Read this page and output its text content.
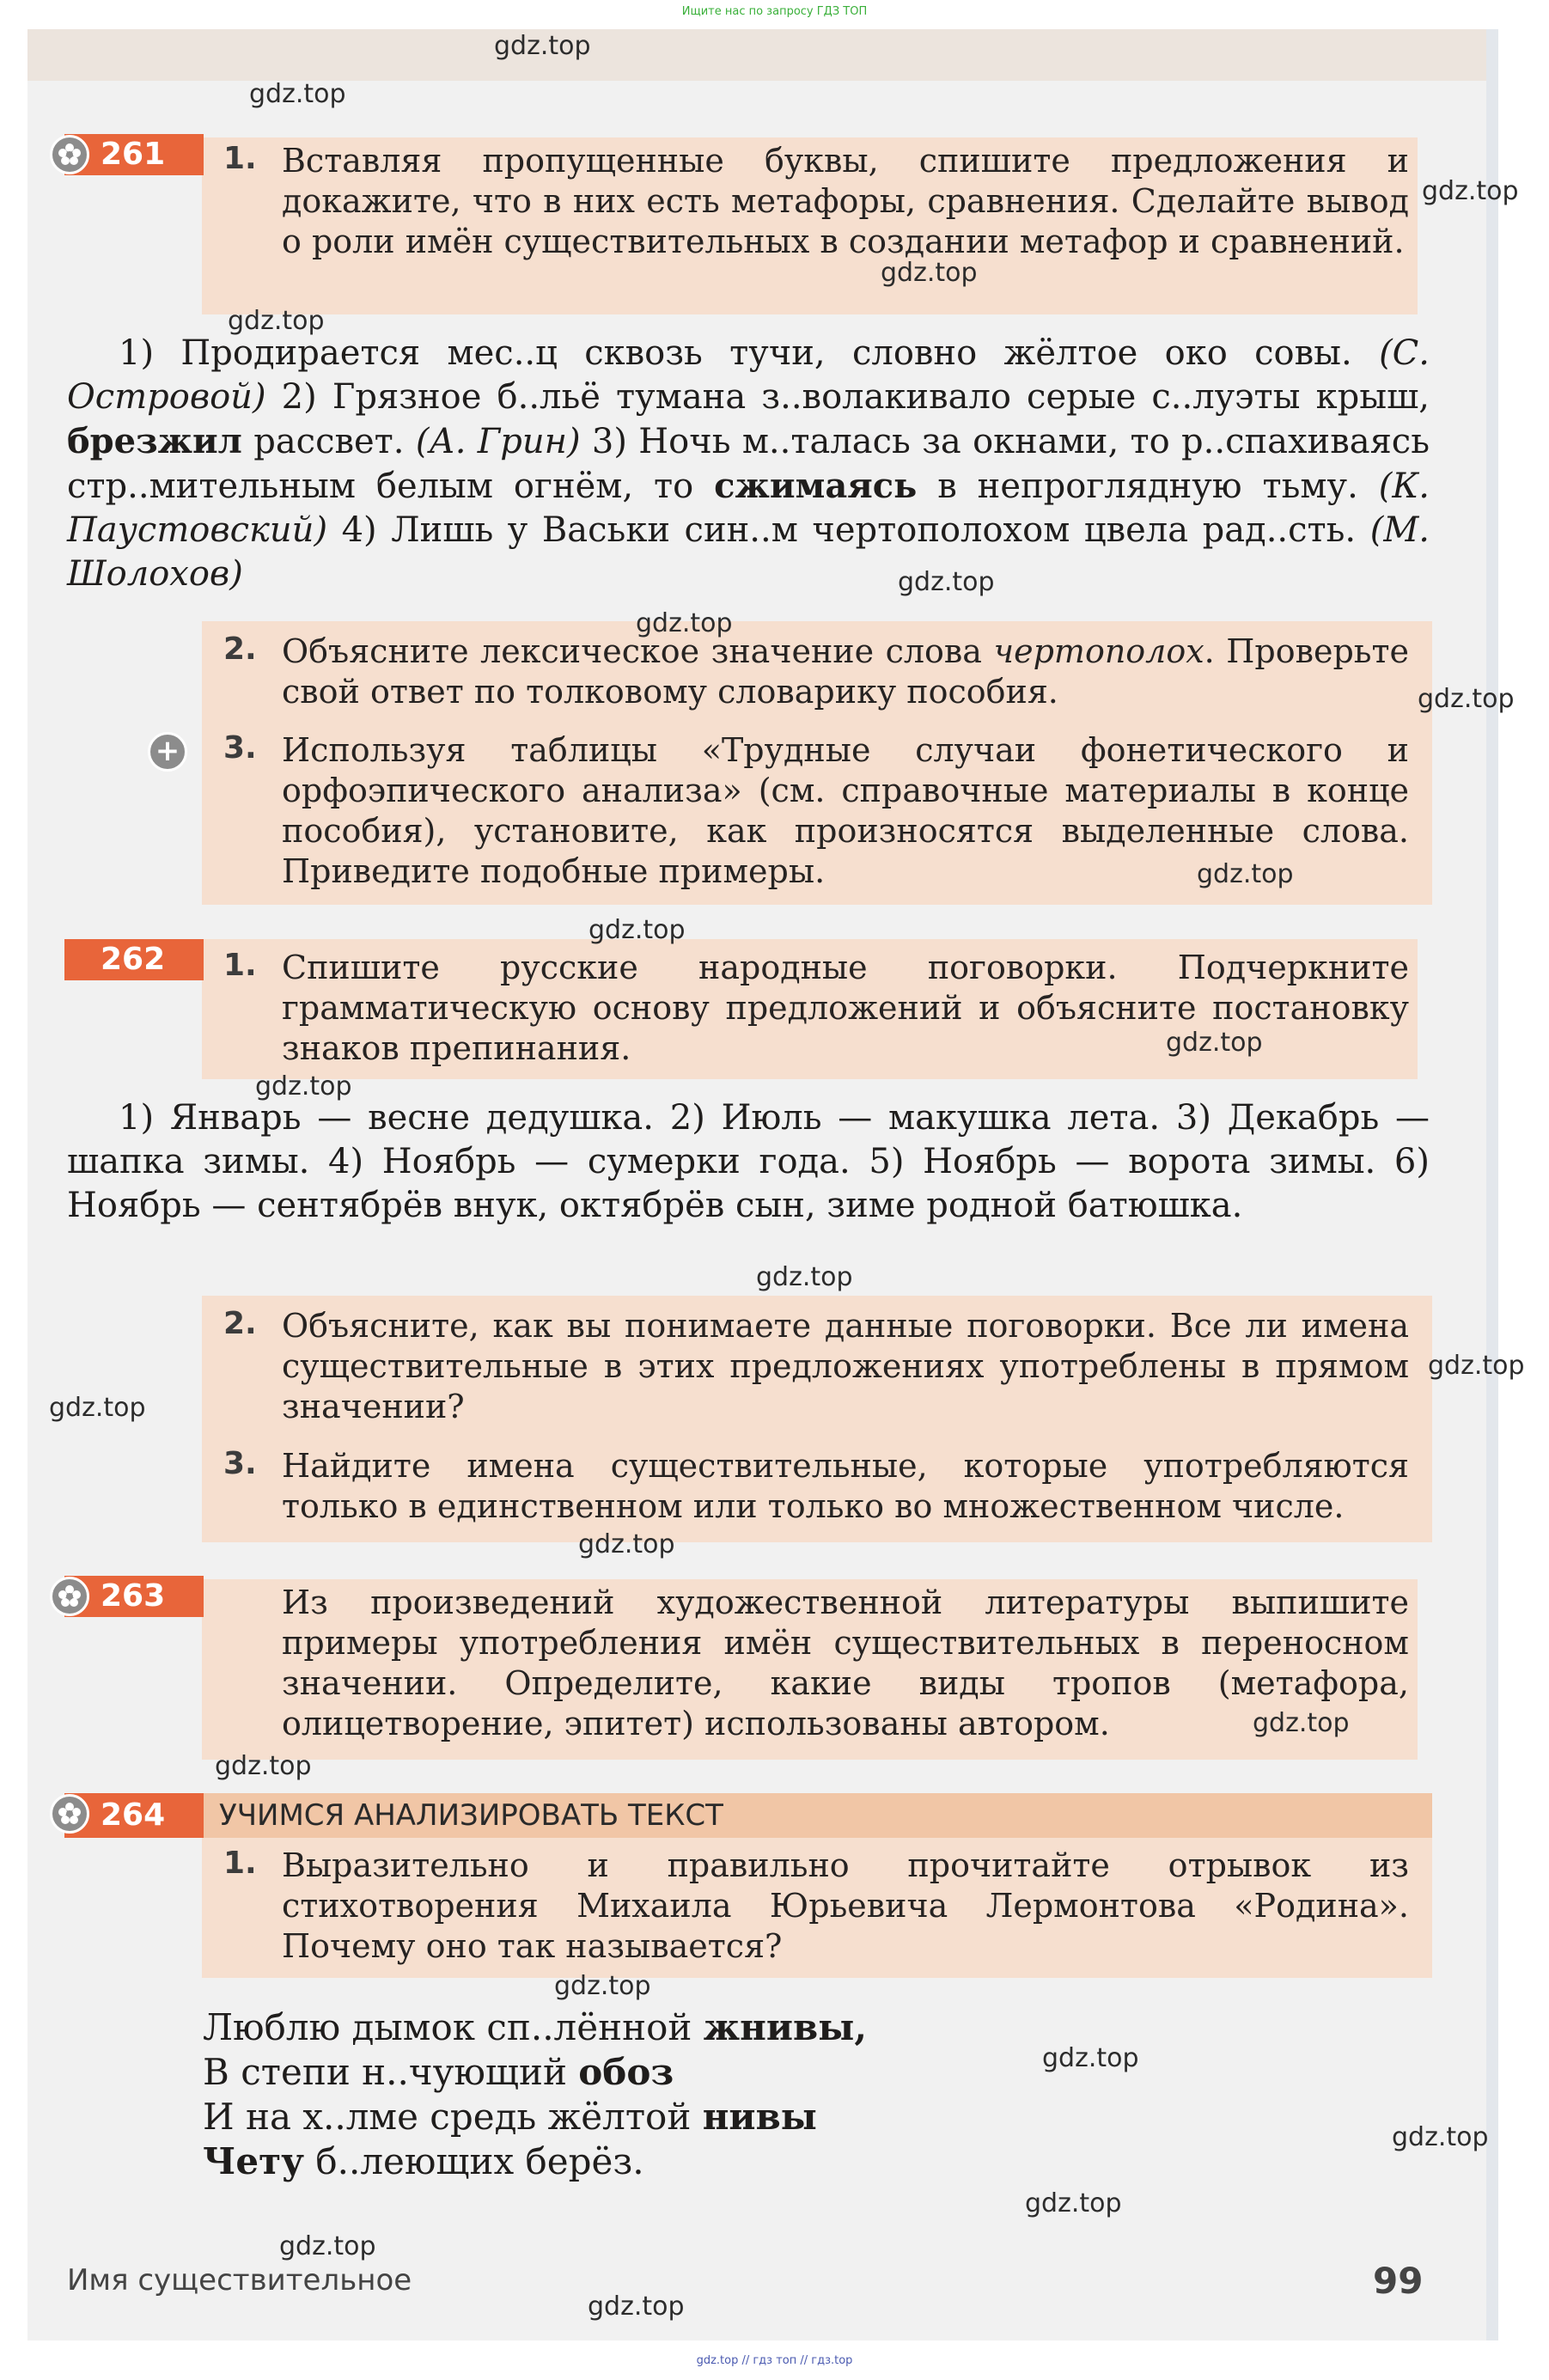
Ищите нас по запросу ГДЗ ТОП
261	1. Вставляя пропущенные буквы, спишите предложения и докажите, что в них есть метафоры, сравнения. Сделайте вывод о роли имён существительных в создании метафор и сравнений.
1) Продирается мес..ц сквозь тучи, словно жёлтое око совы. (С. Островой) 2) Грязное б..льё тумана з..волакивало серые с..луэты крыш, брезжил рассвет. (А. Грин) 3) Ночь м..талась за окнами, то р..спахиваясь стр..мительным белым огнём, то сжимаясь в непроглядную тьму. (К. Паустовский) 4) Лишь у Васьки син..м чертополохом цвела рад..сть. (М. Шолохов)
2. Объясните лексическое значение слова чертополох. Проверьте свой ответ по толковому словарику пособия.
+ 3. Используя таблицы «Трудные случаи фонетического и орфоэпического анализа» (см. справочные материалы в конце пособия), установите, как произносятся выделенные слова. Приведите подобные примеры.
262	1. Спишите русские народные поговорки. Подчеркните грамматическую основу предложений и объясните постановку знаков препинания.
1) Январь — весне дедушка. 2) Июль — макушка лета. 3) Декабрь — шапка зимы. 4) Ноябрь — сумерки года. 5) Ноябрь — ворота зимы. 6) Ноябрь — сентябрёв внук, октябрёв сын, зиме родной батюшка.
2. Объясните, как вы понимаете данные поговорки. Все ли имена существительные в этих предложениях употреблены в прямом значении?
3. Найдите имена существительные, которые употребляются только в единственном или только во множественном числе.
263	Из произведений художественной литературы выпишите примеры употребления имён существительных в переносном значении. Определите, какие виды тропов (метафора, олицетворение, эпитет) использованы автором.
УЧИМСЯ АНАЛИЗИРОВАТЬ ТЕКСТ
264
1. Выразительно и правильно прочитайте отрывок из стихотворения Михаила Юрьевича Лермонтова «Родина». Почему оно так называется?
Люблю дымок сп..лённой жнивы,
В степи н..чующий обоз
И на х..лме средь жёлтой нивы
Чету б..леющих берёз.
Имя существительное	99
gdz.top
gdz.top
gdz.top
gdz.top
gdz.top
gdz.top
gdz.top
gdz.top
gdz.top
gdz.top
gdz.top
gdz.top
gdz.top
gdz.top
gdz.top
gdz.top
gdz.top
gdz.top
gdz.top
gdz.top
gdz.top
gdz.top
gdz.top
gdz.top
gdz.top // гдз топ // гдз.top
